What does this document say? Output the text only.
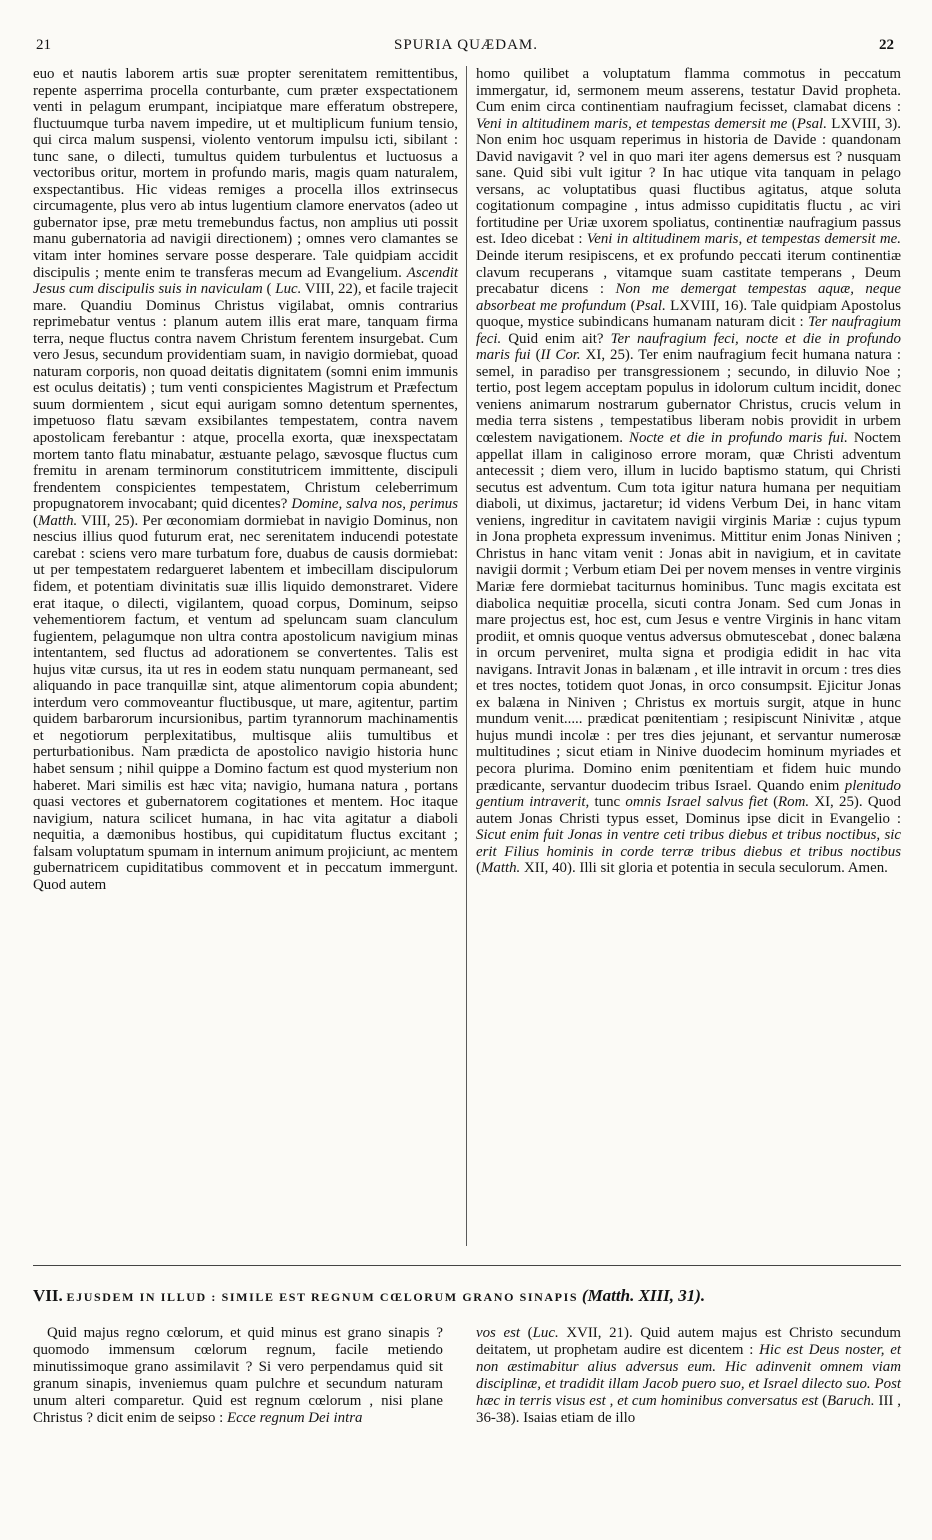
21	SPURIA QUÆDAM.	22

euo et nautis laborem artis suæ propter serenitatem remittentibus, repente asperrima procella conturbante, cum præter exspectationem venti in pelagum erumpant, incipiatque mare efferatum obstrepere, fluctuumque turba navem impedire, ut et multiplicum funium tensio, qui circa malum suspensi, violento ventorum impulsu icti, sibilant : tunc sane, o dilecti, tumultus quidem turbulentus et luctuosus a vectoribus oritur, mortem in profundo maris, magis quam naturalem, exspectantibus. Hic videas remiges a procella illos extrinsecus circumagente, plus vero ab intus lugentium clamore enervatos (adeo ut gubernator ipse, præ metu tremebundus factus, non amplius uti possit manu gubernatoria ad navigii directionem) ; omnes vero clamantes se vitam inter homines servare posse desperare. Tale quidpiam accidit discipulis ; mente enim te transferas mecum ad Evangelium. Ascendit Jesus cum discipulis suis in naviculam ( Luc. VIII, 22), et facile trajecit mare. Quandiu Dominus Christus vigilabat, omnis contrarius reprimebatur ventus : planum autem illis erat mare, tanquam firma terra, neque fluctus contra navem Christum ferentem insurgebat. Cum vero Jesus, secundum providentiam suam, in navigio dormiebat, quoad naturam corporis, non quoad deitatis dignitatem (somni enim immunis est oculus deitatis) ; tum venti conspicientes Magistrum et Præfectum suum dormientem , sicut equi aurigam somno detentum spernentes, impetuoso flatu sævam exsibilantes tempestatem, contra navem apostolicam ferebantur : atque, procella exorta, quæ inexspectatam mortem tanto flatu minabatur, æstuante pelago, sævosque fluctus cum fremitu in arenam terminorum constitutricem immittente, discipuli frendentem conspicientes tempestatem, Christum celeberrimum propugnatorem invocabant; quid dicentes? Domine, salva nos, perimus (Matth. VIII, 25). Per œconomiam dormiebat in navigio Dominus, non nescius illius quod futurum erat, nec serenitatem inducendi potestate carebat : sciens vero mare turbatum fore, duabus de causis dormiebat: ut per tempestatem redargueret labentem et imbecillam discipulorum fidem, et potentiam divinitatis suæ illis liquido demonstraret. Videre erat itaque, o dilecti, vigilantem, quoad corpus, Dominum, seipso vehementiorem factum, et ventum ad speluncam suam clanculum fugientem, pelagumque non ultra contra apostolicum navigium minas intentantem, sed fluctus ad adorationem se convertentes. Talis est hujus vitæ cursus, ita ut res in eodem statu nunquam permaneant, sed aliquando in pace tranquillæ sint, atque alimentorum copia abundent; interdum vero commoveantur fluctibusque, ut mare, agitentur, partim quidem barbarorum incursionibus, partim tyrannorum machinamentis et negotiorum perplexitatibus, multisque aliis tumultibus et perturbationibus. Nam prædicta de apostolico navigio historia hunc habet sensum ; nihil quippe a Domino factum est quod mysterium non haberet. Mari similis est hæc vita; navigio, humana natura , portans quasi vectores et gubernatorem cogitationes et mentem. Hoc itaque navigium, natura scilicet humana, in hac vita agitatur a diaboli nequitia, a dæmonibus hostibus, qui cupiditatum fluctus excitant ; falsam voluptatum spumam in internum animum projiciunt, ac mentem gubernatricem cupiditatibus commovent et in peccatum immergunt. Quod autem

homo quilibet a voluptatum flamma commotus in peccatum immergatur, id, sermonem meum asserens, testatur David propheta. Cum enim circa continentiam naufragium fecisset, clamabat dicens : Veni in altitudinem maris, et tempestas demersit me (Psal. LXVIII, 3). Non enim hoc usquam reperimus in historia de Davide : quandonam David navigavit ? vel in quo mari iter agens demersus est ? nusquam sane. Quid sibi vult igitur ? In hac utique vita tanquam in pelago versans, ac voluptatibus quasi fluctibus agitatus, atque soluta cogitationum compagine , intus admisso cupiditatis fluctu , ac viri fortitudine per Uriæ uxorem spoliatus, continentiæ naufragium passus est. Ideo dicebat : Veni in altitudinem maris, et tempestas demersit me. Deinde iterum resipiscens, et ex profundo peccati iterum continentiæ clavum recuperans , vitamque suam castitate temperans , Deum precabatur dicens : Non me demergat tempestas aquæ, neque absorbeat me profundum (Psal. LXVIII, 16). Tale quidpiam Apostolus quoque, mystice subindicans humanam naturam dicit : Ter naufragium feci. Quid enim ait? Ter naufragium feci, nocte et die in profundo maris fui (II Cor. XI, 25). Ter enim naufragium fecit humana natura : semel, in paradiso per transgressionem ; secundo, in diluvio Noe ; tertio, post legem acceptam populus in idolorum cultum incidit, donec veniens animarum nostrarum gubernator Christus, crucis velum in media terra sistens , tempestatibus liberam nobis providit in urbem cœlestem navigationem. Nocte et die in profundo maris fui. Noctem appellat illam in caliginoso errore moram, quæ Christi adventum antecessit ; diem vero, illum in lucido baptismo statum, qui Christi secutus est adventum. Cum tota igitur natura humana per nequitiam diaboli, ut diximus, jactaretur; id videns Verbum Dei, in hanc vitam veniens, ingreditur in cavitatem navigii virginis Mariæ : cujus typum in Jona propheta expressum invenimus. Mittitur enim Jonas Niniven ; Christus in hanc vitam venit : Jonas abit in navigium, et in cavitate navigii dormit ; Verbum etiam Dei per novem menses in ventre virginis Mariæ fere dormiebat taciturnus hominibus. Tunc magis excitata est diabolica nequitiæ procella, sicuti contra Jonam. Sed cum Jonas in mare projectus est, hoc est, cum Jesus e ventre Virginis in hanc vitam prodiit, et omnis quoque ventus adversus obmutescebat , donec balæna in orcum perveniret, multa signa et prodigia edidit in hac vita navigans. Intravit Jonas in balænam , et ille intravit in orcum : tres dies et tres noctes, totidem quot Jonas, in orco consumpsit. Ejicitur Jonas ex balæna in Niniven ; Christus ex mortuis surgit, atque in hunc mundum venit..... prædicat pœnitentiam ; resipiscunt Ninivitæ , atque hujus mundi incolæ : per tres dies jejunant, et servantur numerosæ multitudines ; sicut etiam in Ninive duodecim hominum myriades et pecora plurima. Domino enim pœnitentiam et fidem huic mundo prædicante, servantur duodecim tribus Israel. Quando enim plenitudo gentium intraverit, tunc omnis Israel salvus fiet (Rom. XI, 25). Quod autem Jonas Christi typus esset, Dominus ipse dicit in Evangelio : Sicut enim fuit Jonas in ventre ceti tribus diebus et tribus noctibus, sic erit Filius hominis in corde terræ tribus diebus et tribus noctibus (Matth. XII, 40). Illi sit gloria et potentia in secula seculorum. Amen.

VII. EJUSDEM IN ILLUD : SIMILE EST REGNUM CŒLORUM GRANO SINAPIS (Matth. XIII, 31).

Quid majus regno cœlorum, et quid minus est grano sinapis ? quomodo immensum cœlorum regnum, facile metiendo minutissimoque grano assimilavit ? Si vero perpendamus quid sit granum sinapis, inveniemus quam pulchre et secundum naturam unum alteri comparetur. Quid est regnum cœlorum , nisi plane Christus ? dicit enim de seipso : Ecce regnum Dei intra

vos est (Luc. XVII, 21). Quid autem majus est Christo secundum deitatem, ut prophetam audire est dicentem : Hic est Deus noster, et non æstimabitur alius adversus eum. Hic adinvenit omnem viam disciplinæ, et tradidit illam Jacob puero suo, et Israel dilecto suo. Post hæc in terris visus est , et cum hominibus conversatus est (Baruch. III , 36-38). Isaias etiam de illo
